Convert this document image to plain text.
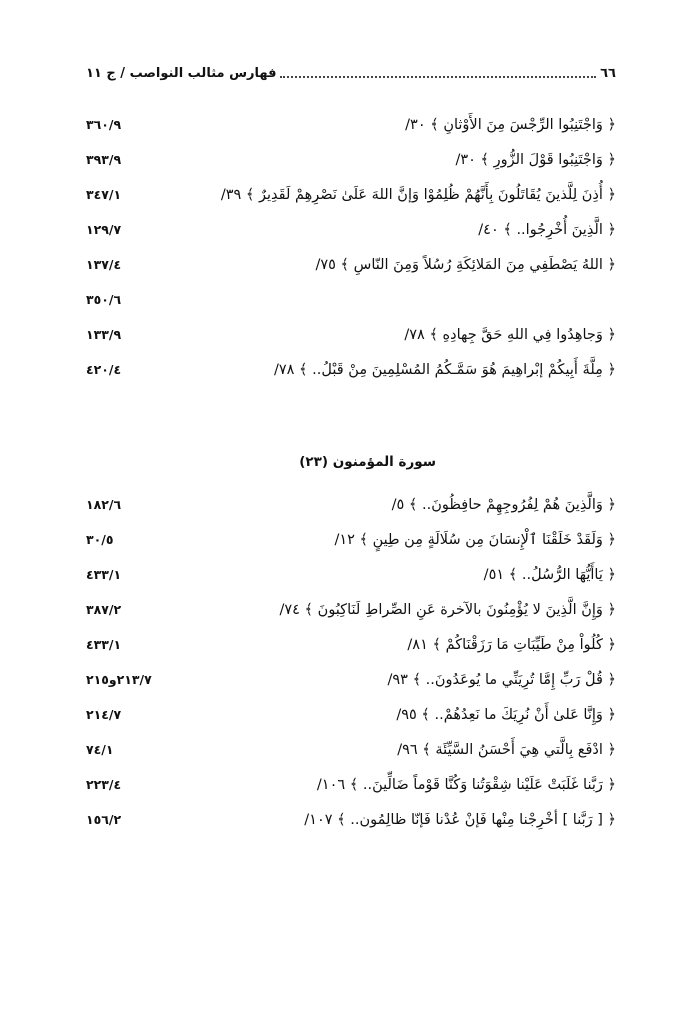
٦٦
فهارس مثالب النواصب / ج ١١
﴿ وَاجْتَنِبُوا الرِّجْسَ مِنَ الأَوْثانِ ﴾ ٣٠/
٣٦٠/٩
﴿ وَاجْتَنِبُوا قَوْلَ الزُّورِ ﴾ ٣٠/
٣٩٣/٩
﴿ أُذِنَ لِلَّذينَ يُقَاتَلُونَ بِأَنَّهُمْ ظُلِمُوْا وَإنَّ اللهَ عَلَىٰ نَصْرِهِمْ لَقَدِيرٌ ﴾ ٣٩/
٣٤٧/١
﴿ الَّذِينَ أُخْرِجُوا.. ﴾ ٤٠/
١٢٩/٧
﴿ اللهُ يَصْطَفِي مِنَ المَلائِكَةِ رُسُلاً وَمِنَ النّاسِ ﴾ ٧٥/
١٣٧/٤
٣٥٠/٦
﴿ وَجاهِدُوا فِي اللهِ حَقَّ جِهادِهِ ﴾ ٧٨/
١٣٣/٩
﴿ مِلَّةَ أَبِيكُمْ إبْراهِيمَ هُوَ سَمَّـكُمُ المُسْلِمِينَ مِنْ قَبْلُ.. ﴾ ٧٨/
٤٢٠/٤
سورة المؤمنون (٢٣)
﴿ وَالَّذِينَ هُمْ لِفُرُوجِهِمْ حافِظُونَ.. ﴾ ٥/
١٨٢/٦
﴿ وَلَقَدْ خَلَقْنَا ٱلْإِنسَانَ مِن سُلَالَةٍ مِن طِينٍ ﴾ ١٢/
٣٠/٥
﴿ يَاأَيُّهَا الرُّسُلُ.. ﴾ ٥١/
٤٣٣/١
﴿ وَإِنَّ الَّذِينَ لا يُؤْمِنُونَ بالآخرة عَنِ الصِّراطِ لَنَاكِبُونَ ﴾ ٧٤/
٣٨٧/٢
﴿ كُلُواْ مِنْ طَيِّبَاتِ مَا رَزَقْنَاكُمْ ﴾ ٨١/
٤٣٣/١
﴿ قُلْ رَبِّ إِمَّا تُرِيَنِّي ما يُوعَدُونَ.. ﴾ ٩٣/
٢١٣/٧و٢١٥
﴿ وَإِنَّا عَلىٰ أَنْ نُرِيَكَ ما نَعِدُهُمْ.. ﴾ ٩٥/
٢١٤/٧
﴿ ادْفَع بِالَّتي هِيَ أَحْسَنُ السَّيِّئَة ﴾ ٩٦/
٧٤/١
﴿ رَبَّنا غَلَبَتْ عَلَيْنا شِقْوَتُنا وَكُنَّا قَوْماً ضَالِّينَ.. ﴾ ١٠٦/
٢٢٣/٤
﴿ [ رَبَّنا ] أخْرِجْنا مِنْها فَإنْ عُدْنا فَإنّا ظالِمُون.. ﴾ ١٠٧/
١٥٦/٢
